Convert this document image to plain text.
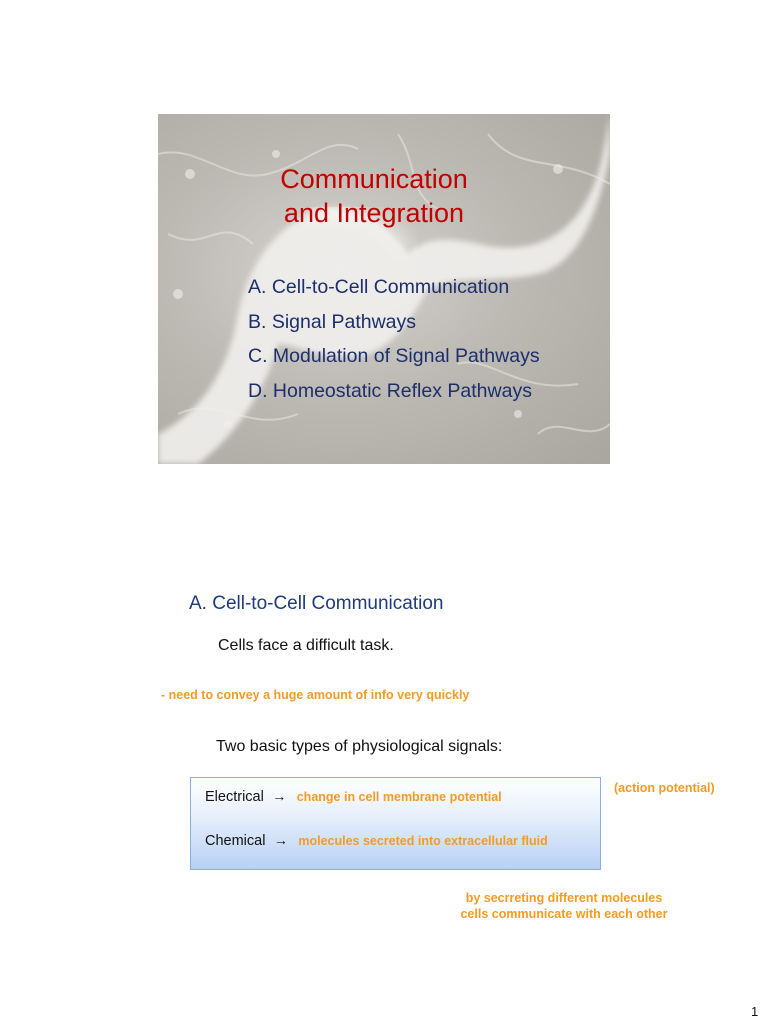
Communication
and Integration
A. Cell-to-Cell Communication
B. Signal Pathways
C. Modulation of Signal Pathways
D. Homeostatic Reflex Pathways
A. Cell-to-Cell Communication
Cells face a difficult task.
- need to convey a huge amount of info very quickly
Two basic types of physiological signals:
Electrical → change in cell membrane potential
Chemical → molecules secreted into extracellular fluid
(action potential)
by secrreting different molecules
cells communicate with each other
1
